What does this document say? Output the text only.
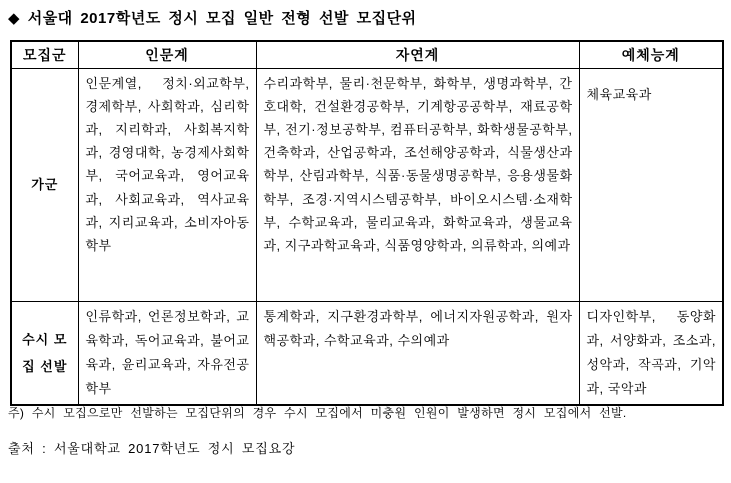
◆ 서울대 2017학년도 정시 모집 일반 전형 선발 모집단위
모집군	인문계	자연계	예체능계
가군	인문계열, 정치·외교학부, 경제학부, 사회학과, 심리학과, 지리학과, 사회복지학과, 경영대학, 농경제사회학부, 국어교육과, 영어교육과, 사회교육과, 역사교육과, 지리교육과, 소비자아동학부	수리과학부, 물리·천문학부, 화학부, 생명과학부, 간호대학, 건설환경공학부, 기계항공공학부, 재료공학부, 전기·정보공학부, 컴퓨터공학부, 화학생물공학부, 건축학과, 산업공학과, 조선해양공학과, 식물생산과학부, 산림과학부, 식품·동물생명공학부, 응용생물화학부, 조경·지역시스템공학부, 바이오시스템·소재학부, 수학교육과, 물리교육과, 화학교육과, 생물교육과, 지구과학교육과, 식품영양학과, 의류학과, 의예과	체육교육과
수시 모집 선발	인류학과, 언론정보학과, 교육학과, 독어교육과, 불어교육과, 윤리교육과, 자유전공학부	통계학과, 지구환경과학부, 에너지자원공학과, 원자핵공학과, 수학교육과, 수의예과	디자인학부, 동양화과, 서양화과, 조소과, 성악과, 작곡과, 기악과, 국악과
주) 수시 모집으로만 선발하는 모집단위의 경우 수시 모집에서 미충원 인원이 발생하면 정시 모집에서 선발.
출처 : 서울대학교 2017학년도 정시 모집요강
